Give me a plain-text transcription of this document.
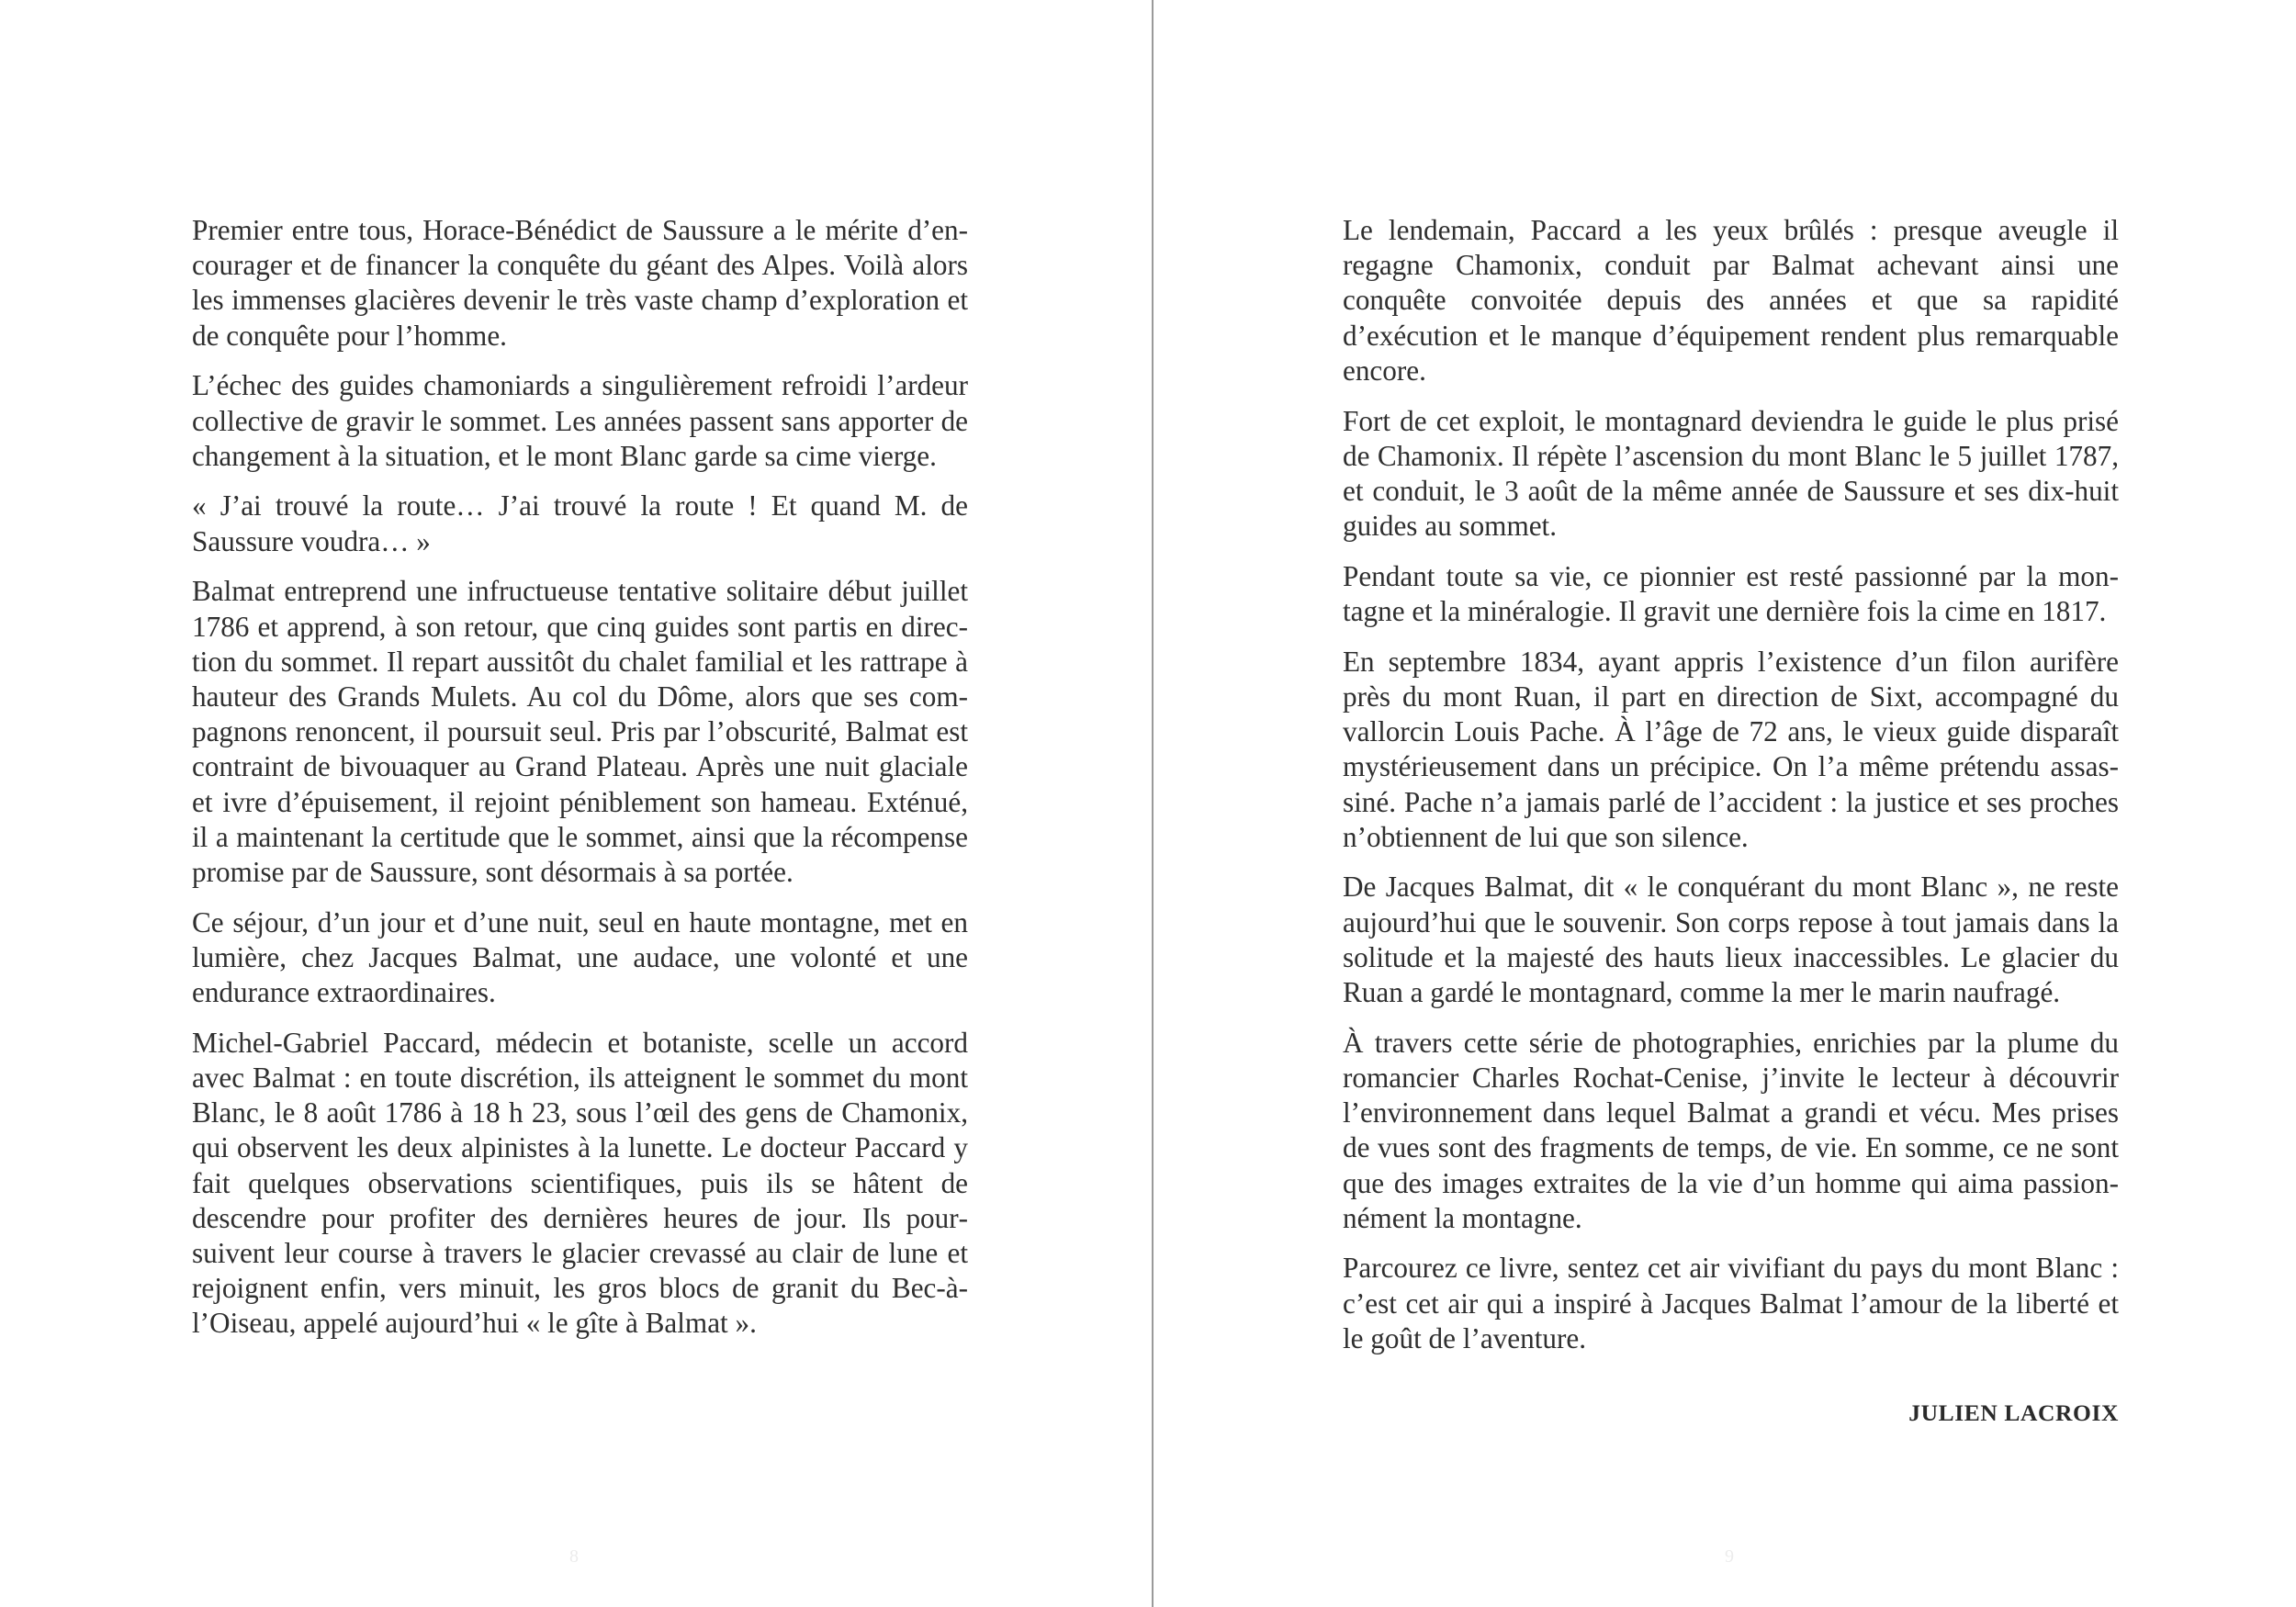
Premier entre tous, Horace-Bénédict de Saussure a le mérite d’encourager et de financer la conquête du géant des Alpes. Voilà alors les immenses glacières devenir le très vaste champ d’exploration et de conquête pour l’homme.

L’échec des guides chamoniards a singulièrement refroidi l’ardeur collective de gravir le sommet. Les années passent sans apporter de changement à la situation, et le mont Blanc garde sa cime vierge.

« J’ai trouvé la route… J’ai trouvé la route ! Et quand M. de Saussure voudra… »

Balmat entreprend une infructueuse tentative solitaire début juillet 1786 et apprend, à son retour, que cinq guides sont partis en direction du sommet. Il repart aussitôt du chalet familial et les rattrape à hauteur des Grands Mulets. Au col du Dôme, alors que ses compagnons renoncent, il poursuit seul. Pris par l’obscurité, Balmat est contraint de bivouaquer au Grand Plateau. Après une nuit glaciale et ivre d’épuisement, il rejoint péniblement son hameau. Exténué, il a maintenant la certitude que le sommet, ainsi que la récompense promise par de Saussure, sont désormais à sa portée.

Ce séjour, d’un jour et d’une nuit, seul en haute montagne, met en lumière, chez Jacques Balmat, une audace, une volonté et une endurance extraordinaires.

Michel-Gabriel Paccard, médecin et botaniste, scelle un accord avec Balmat : en toute discrétion, ils atteignent le sommet du mont Blanc, le 8 août 1786 à 18 h 23, sous l’œil des gens de Chamonix, qui observent les deux alpinistes à la lunette. Le docteur Paccard y fait quelques observations scientifiques, puis ils se hâtent de descendre pour profiter des dernières heures de jour. Ils poursuivent leur course à travers le glacier crevassé au clair de lune et rejoignent enfin, vers minuit, les gros blocs de granit du Bec-à-l’Oiseau, appelé aujourd’hui « le gîte à Balmat ».

8

Le lendemain, Paccard a les yeux brûlés : presque aveugle il regagne Chamonix, conduit par Balmat achevant ainsi une conquête convoitée depuis des années et que sa rapidité d’exécution et le manque d’équipement rendent plus remarquable encore.

Fort de cet exploit, le montagnard deviendra le guide le plus prisé de Chamonix. Il répète l’ascension du mont Blanc le 5 juillet 1787, et conduit, le 3 août de la même année de Saussure et ses dix-huit guides au sommet.

Pendant toute sa vie, ce pionnier est resté passionné par la montagne et la minéralogie. Il gravit une dernière fois la cime en 1817.

En septembre 1834, ayant appris l’existence d’un filon aurifère près du mont Ruan, il part en direction de Sixt, accompagné du vallorcin Louis Pache. À l’âge de 72 ans, le vieux guide disparaît mystérieusement dans un précipice. On l’a même prétendu assassiné. Pache n’a jamais parlé de l’accident : la justice et ses proches n’obtiennent de lui que son silence.

De Jacques Balmat, dit « le conquérant du mont Blanc », ne reste aujourd’hui que le souvenir. Son corps repose à tout jamais dans la solitude et la majesté des hauts lieux inaccessibles. Le glacier du Ruan a gardé le montagnard, comme la mer le marin naufragé.

À travers cette série de photographies, enrichies par la plume du romancier Charles Rochat-Cenise, j’invite le lecteur à découvrir l’environnement dans lequel Balmat a grandi et vécu. Mes prises de vues sont des fragments de temps, de vie. En somme, ce ne sont que des images extraites de la vie d’un homme qui aima passionnément la montagne.

Parcourez ce livre, sentez cet air vivifiant du pays du mont Blanc : c’est cet air qui a inspiré à Jacques Balmat l’amour de la liberté et le goût de l’aventure.

JULIEN LACROIX
9
